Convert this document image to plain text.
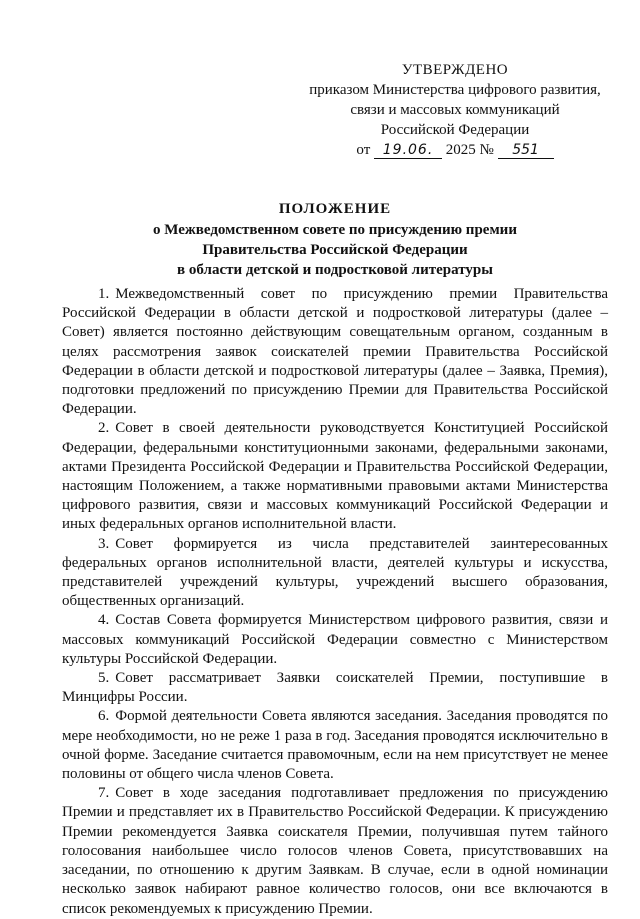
УТВЕРЖДЕНО
приказом Министерства цифрового развития,
связи и массовых коммуникаций
Российской Федерации
от 19.06. 2025 № 551
ПОЛОЖЕНИЕ
о Межведомственном совете по присуждению премии
Правительства Российской Федерации
в области детской и подростковой литературы

1. Межведомственный совет по присуждению премии Правительства Российской Федерации в области детской и подростковой литературы (далее – Совет) является постоянно действующим совещательным органом, созданным в целях рассмотрения заявок соискателей премии Правительства Российской Федерации в области детской и подростковой литературы (далее – Заявка, Премия), подготовки предложений по присуждению Премии для Правительства Российской Федерации.

2. Совет в своей деятельности руководствуется Конституцией Российской Федерации, федеральными конституционными законами, федеральными законами, актами Президента Российской Федерации и Правительства Российской Федерации, настоящим Положением, а также нормативными правовыми актами Министерства цифрового развития, связи и массовых коммуникаций Российской Федерации и иных федеральных органов исполнительной власти.

3. Совет формируется из числа представителей заинтересованных федеральных органов исполнительной власти, деятелей культуры и искусства, представителей учреждений культуры, учреждений высшего образования, общественных организаций.

4. Состав Совета формируется Министерством цифрового развития, связи и массовых коммуникаций Российской Федерации совместно с Министерством культуры Российской Федерации.

5. Совет рассматривает Заявки соискателей Премии, поступившие в Минцифры России.

6. Формой деятельности Совета являются заседания. Заседания проводятся по мере необходимости, но не реже 1 раза в год. Заседания проводятся исключительно в очной форме. Заседание считается правомочным, если на нем присутствует не менее половины от общего числа членов Совета.

7. Совет в ходе заседания подготавливает предложения по присуждению Премии и представляет их в Правительство Российской Федерации. К присуждению Премии рекомендуется Заявка соискателя Премии, получившая путем тайного голосования наибольшее число голосов членов Совета, присутствовавших на заседании, по отношению к другим Заявкам. В случае, если в одной номинации несколько заявок набирают равное количество голосов, они все включаются в список рекомендуемых к присуждению Премии.
